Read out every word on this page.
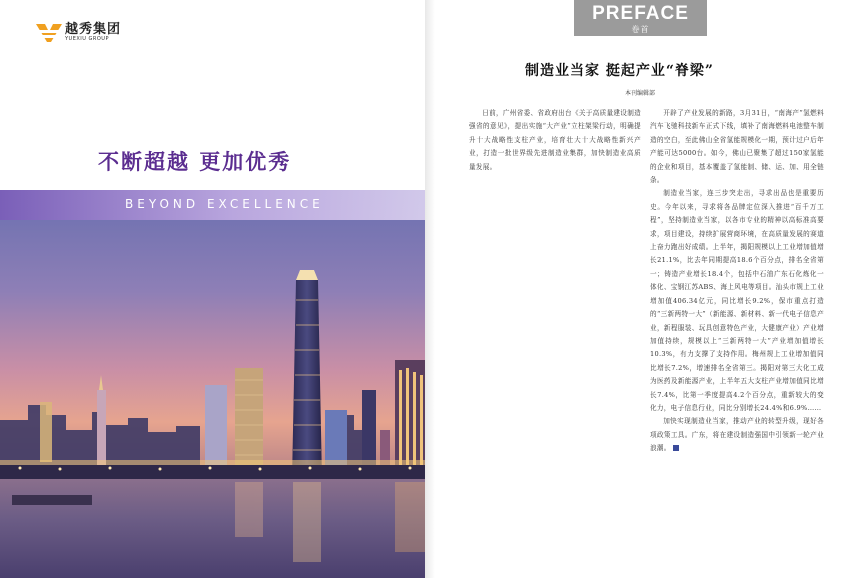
越秀集团
YUEXIU GROUP
不断超越 更加优秀
BEYOND EXCELLENCE
PREFACE
卷首
制造业当家 挺起产业“脊梁”
本刊编辑部

日前，广州省委、省政府出台《关于高质量建设制造强省的意见》，提出实施“大产业”立柱架梁行动，明确提升十大战略性支柱产业，培育壮大十大战略性新兴产业，打造一批世界级先进制造业集群，加快制造业高质量发展。

开辟了产业发展的新路，3月31日，“南海产”氢燃料汽车飞驰科技新车正式下线，填补了南海燃料电池整车制造的空白，至此佛山全省氢能规模化一期，预计过户后年产能可达5000台。如今，佛山已聚集了超过150家氢能的企业和项目，基本覆盖了氢能制、储、运、加、用全链条。

制造业当家，连三步突走出，寻求出品也是重要历史。今年以来，寻求将各品牌定位深入推进“百千万工程”，坚持制造业当家，以各市专业的精神以高标准高要求，项目建设，持续扩展营商环境，在高质量发展的赛道上奋力跑出好成绩。上半年，揭阳规模以上工业增加值增长21.1%，比去年同期提高18.6个百分点，排名全省第一；铸造产业增长18.4个，包括中石油广东石化炼化一体化、宝钢江苏ABS、海上风电等项目。汕头市规上工业增加值406.34亿元，同比增长9.2%，保市重点打造的“三新两特一大”（新能源、新材料、新一代电子信息产业，新程服装、玩具创意特色产业，大健康产业）产业增加值持续，规模以上“三新两特一大”产业增加值增长10.3%，有力支撑了支持作用。梅州规上工业增加值同比增长7.2%，增速排名全省第三。揭阳对第三大化工成为医药及新能源产业，上半年五大支柱产业增加值同比增长7.4%，比第一季度提高4.2个百分点，重新较大的变化力，电子信息行业，同比分别增长24.4%和6.9%……

加快实现制造业当家，推动产业的转型升级，现好各项政策工具。广东，将在建设制造强国中引领新一轮产业浪潮。
